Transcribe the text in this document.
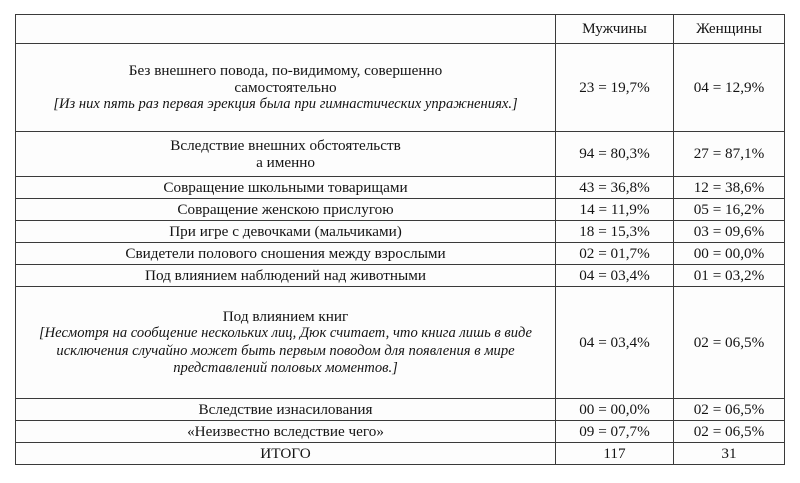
	Мужчины	Женщины

Без внешнего повода, по-видимому, совершенно
самостоятельно
[Из них пять раз первая эрекция была при гимнастических упражнениях.]	23 = 19,7%	04 = 12,9%

Вследствие внешних обстоятельств
а именно	94 = 80,3%	27 = 87,1%

Совращение школьными товарищами	43 = 36,8%	12 = 38,6%

Совращение женскою прислугою	14 = 11,9%	05 = 16,2%

При игре с девочками (мальчиками)	18 = 15,3%	03 = 09,6%

Свидетели полового сношения между взрослыми	02 = 01,7%	00 = 00,0%

Под влиянием наблюдений над животными	04 = 03,4%	01 = 03,2%

Под влиянием книг
[Несмотря на сообщение нескольких лиц, Дюк считает, что книга лишь в виде исключения случайно может быть первым поводом для появления в мире представлений половых моментов.]	04 = 03,4%	02 = 06,5%

Вследствие изнасилования	00 = 00,0%	02 = 06,5%

«Неизвестно вследствие чего»	09 = 07,7%	02 = 06,5%
ИТОГО	117	31
